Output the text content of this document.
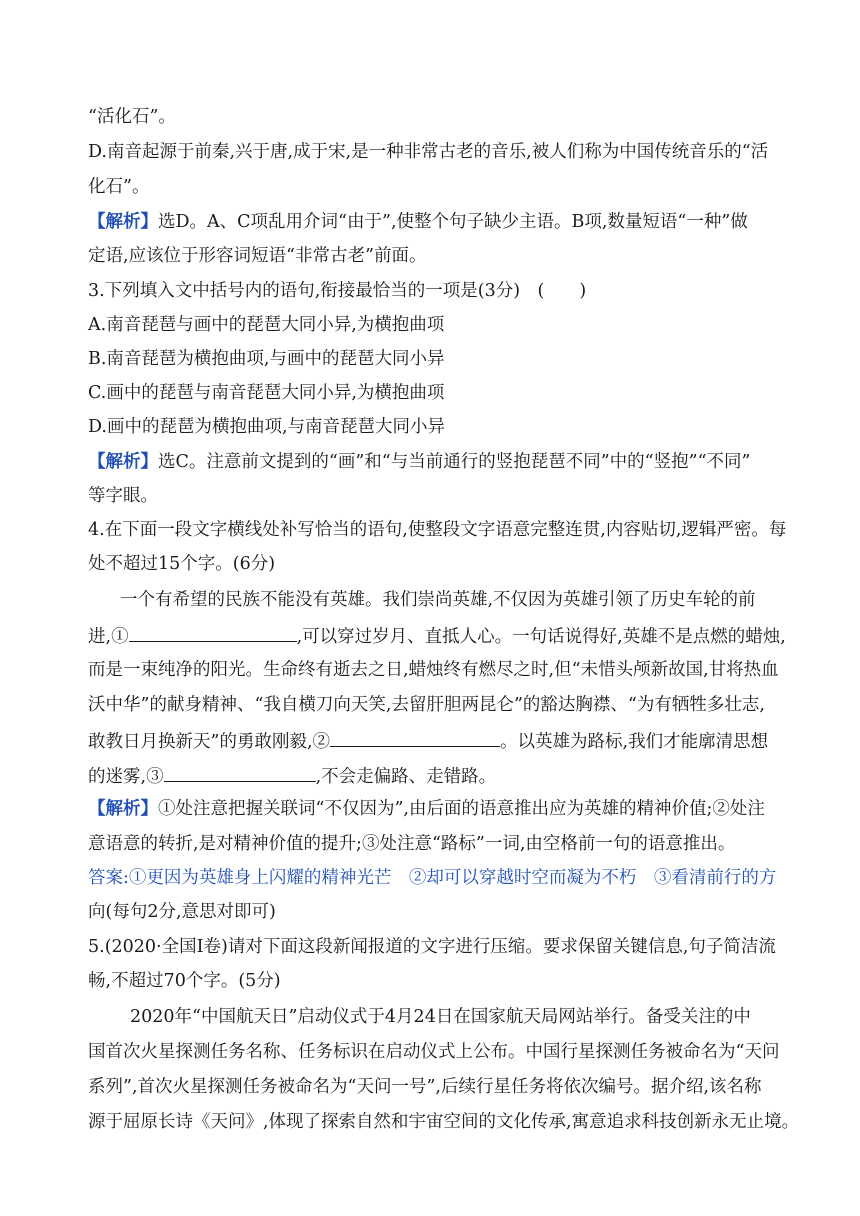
“活化石”。
D.南音起源于前秦,兴于唐,成于宋,是一种非常古老的音乐,被人们称为中国传统音乐的“活
化石”。
【解析】选D。A、C项乱用介词“由于”,使整个句子缺少主语。B项,数量短语“一种”做
定语,应该位于形容词短语“非常古老”前面。
3.下列填入文中括号内的语句,衔接最恰当的一项是(3分)　(　　)
A.南音琵琶与画中的琵琶大同小异,为横抱曲项
B.南音琵琶为横抱曲项,与画中的琵琶大同小异
C.画中的琵琶与南音琵琶大同小异,为横抱曲项
D.画中的琵琶为横抱曲项,与南音琵琶大同小异
【解析】选C。注意前文提到的“画”和“与当前通行的竖抱琵琶不同”中的“竖抱”“不同”
等字眼。
4.在下面一段文字横线处补写恰当的语句,使整段文字语意完整连贯,内容贴切,逻辑严密。每
处不超过15个字。(6分)
一个有希望的民族不能没有英雄。我们崇尚英雄,不仅因为英雄引领了历史车轮的前
进,①	,可以穿过岁月、直抵人心。一句话说得好,英雄不是点燃的蜡烛,
而是一束纯净的阳光。生命终有逝去之日,蜡烛终有燃尽之时,但“未惜头颅新故国,甘将热血
沃中华”的献身精神、“我自横刀向天笑,去留肝胆两昆仑”的豁达胸襟、“为有牺牲多壮志,
敢教日月换新天”的勇敢刚毅,②	。以英雄为路标,我们才能廓清思想
的迷雾,③	,不会走偏路、走错路。
【解析】①处注意把握关联词“不仅因为”,由后面的语意推出应为英雄的精神价值;②处注
意语意的转折,是对精神价值的提升;③处注意“路标”一词,由空格前一句的语意推出。
答案:①更因为英雄身上闪耀的精神光芒　②却可以穿越时空而凝为不朽　③看清前行的方
向(每句2分,意思对即可)
5.(2020·全国Ⅰ卷)请对下面这段新闻报道的文字进行压缩。要求保留关键信息,句子简洁流
畅,不超过70个字。(5分)
2020年“中国航天日”启动仪式于4月24日在国家航天局网站举行。备受关注的中
国首次火星探测任务名称、任务标识在启动仪式上公布。中国行星探测任务被命名为“天问
系列”,首次火星探测任务被命名为“天问一号”,后续行星任务将依次编号。据介绍,该名称
源于屈原长诗《天问》,体现了探索自然和宇宙空间的文化传承,寓意追求科技创新永无止境。
